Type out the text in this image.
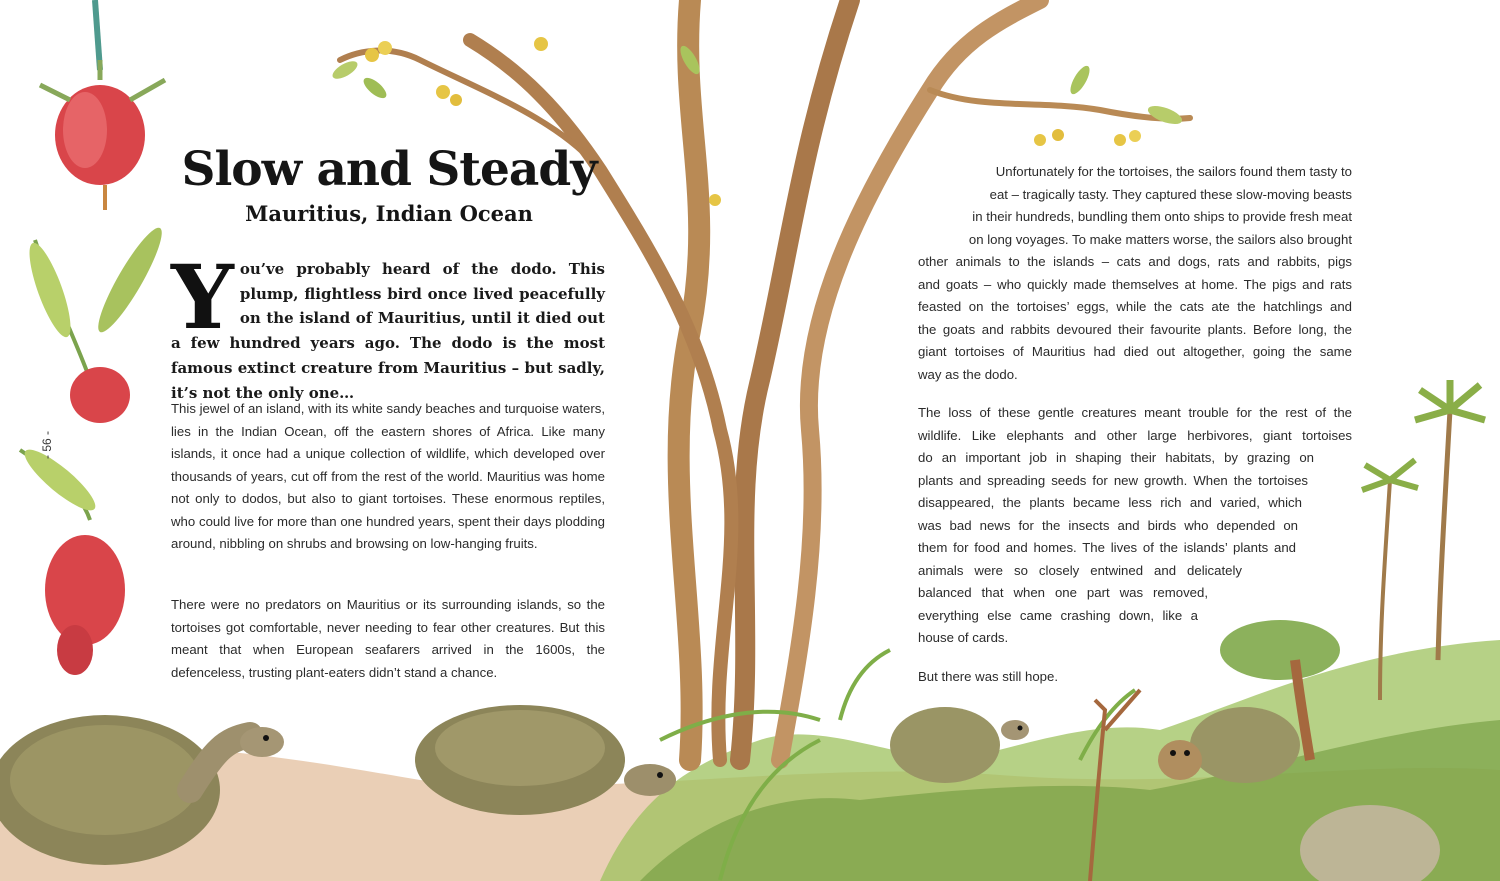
Slow and Steady
Mauritius, Indian Ocean

You’ve probably heard of the dodo. This plump, flightless bird once lived peacefully on the island of Mauritius, until it died out a few hundred years ago. The dodo is the most famous extinct creature from Mauritius – but sadly, it’s not the only one…

This jewel of an island, with its white sandy beaches and turquoise waters, lies in the Indian Ocean, off the eastern shores of Africa. Like many islands, it once had a unique collection of wildlife, which developed over thousands of years, cut off from the rest of the world. Mauritius was home not only to dodos, but also to giant tortoises. These enormous reptiles, who could live for more than one hundred years, spent their days plodding around, nibbling on shrubs and browsing on low-hanging fruits.

There were no predators on Mauritius or its surrounding islands, so the tortoises got comfortable, never needing to fear other creatures. But this meant that when European seafarers arrived in the 1600s, the defenceless, trusting plant-eaters didn’t stand a chance.

Unfortunately for the tortoises, the sailors found them tasty to
eat – tragically tasty. They captured these slow-moving beasts
in their hundreds, bundling them onto ships to provide fresh meat
on long voyages. To make matters worse, the sailors also brought
other animals to the islands – cats and dogs, rats and rabbits, pigs
and goats – who quickly made themselves at home. The pigs and rats
feasted on the tortoises’ eggs, while the cats ate the hatchlings and
the goats and rabbits devoured their favourite plants. Before long, the
giant tortoises of Mauritius had died out altogether, going the same
way as the dodo.
The loss of these gentle creatures meant trouble for the rest of the
wildlife. Like elephants and other large herbivores, giant tortoises
do an important job in shaping their habitats, by grazing on
plants and spreading seeds for new growth. When the tortoises
disappeared, the plants became less rich and varied, which
was bad news for the insects and birds who depended on
them for food and homes. The lives of the islands’ plants and
animals were so closely entwined and delicately
balanced that when one part was removed,
everything else came crashing down, like a
house of cards.

But there was still hope.

- 56 -
